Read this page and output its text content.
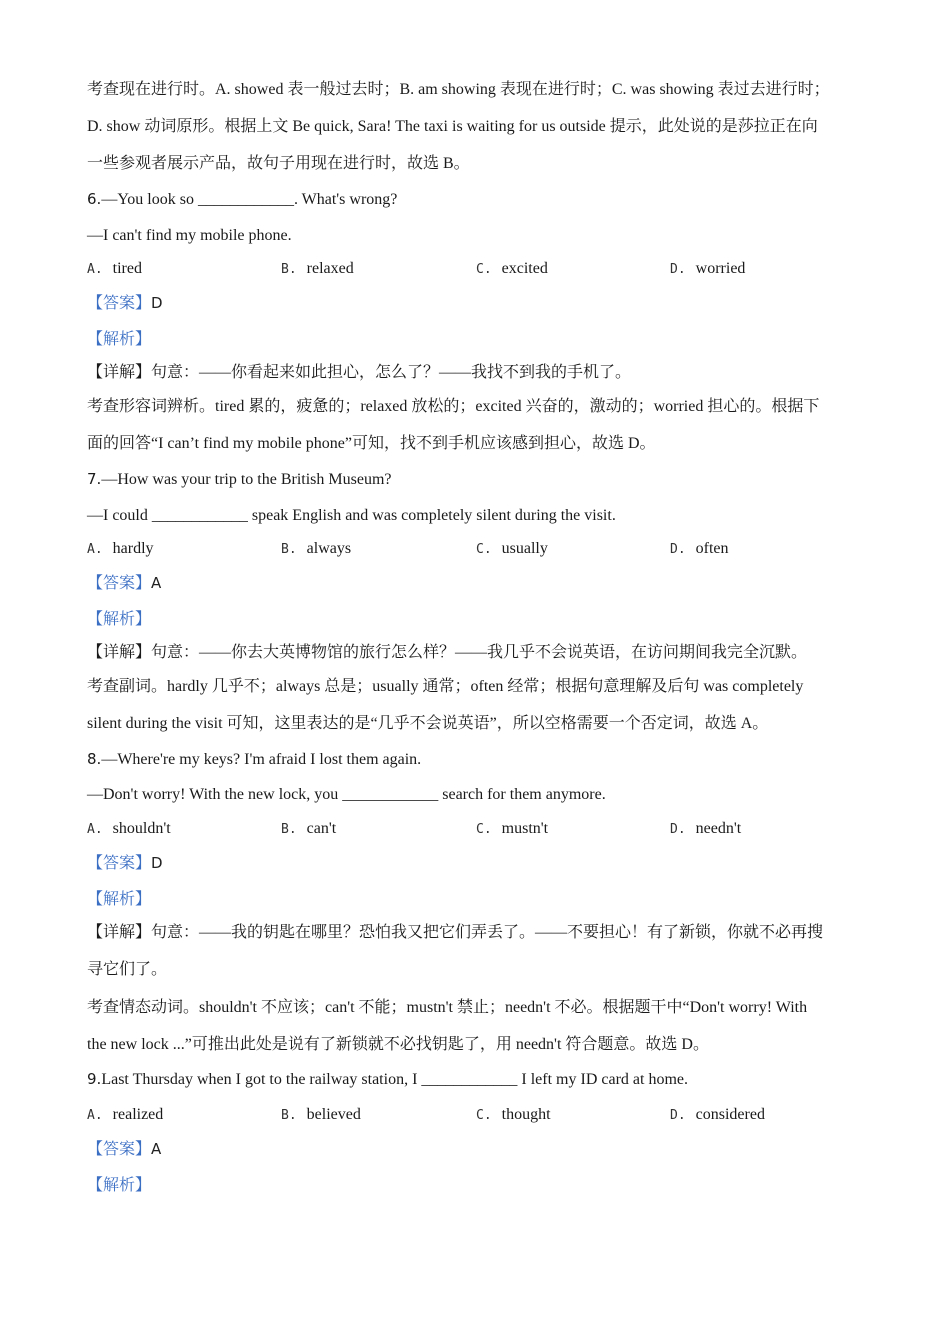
考查现在进行时。A. showed 表一般过去时；B. am showing 表现在进行时；C. was showing 表过去进行时；
D. show 动词原形。根据上文 Be quick, Sara! The taxi is waiting for us outside 提示，此处说的是莎拉正在向
一些参观者展示产品，故句子用现在进行时，故选 B。
6.—You look so ____________. What's wrong?
—I can't find my mobile phone.
A. tired	B. relaxed	C. excited	D. worried
【答案】D
【解析】
【详解】句意：——你看起来如此担心，怎么了？——我找不到我的手机了。
考查形容词辨析。tired 累的，疲惫的；relaxed 放松的；excited 兴奋的，激动的；worried 担心的。根据下
面的回答“I can’t find my mobile phone”可知，找不到手机应该感到担心，故选 D。
7.—How was your trip to the British Museum?
—I could ____________ speak English and was completely silent during the visit.
A. hardly	B. always	C. usually	D. often
【答案】A
【解析】
【详解】句意：——你去大英博物馆的旅行怎么样？——我几乎不会说英语，在访问期间我完全沉默。
考查副词。hardly 几乎不；always 总是；usually 通常；often 经常；根据句意理解及后句 was completely
silent during the visit 可知，这里表达的是“几乎不会说英语”，所以空格需要一个否定词，故选 A。
8.—Where're my keys? I'm afraid I lost them again.
—Don't worry! With the new lock, you ____________ search for them anymore.
A. shouldn't	B. can't	C. mustn't	D. needn't
【答案】D
【解析】
【详解】句意：——我的钥匙在哪里？恐怕我又把它们弄丢了。——不要担心！有了新锁，你就不必再搜
寻它们了。
考查情态动词。shouldn't 不应该；can't 不能；mustn't 禁止；needn't 不必。根据题干中“Don't worry! With
the new lock ...”可推出此处是说有了新锁就不必找钥匙了，用 needn't 符合题意。故选 D。
9.Last Thursday when I got to the railway station, I ____________ I left my ID card at home.
A. realized	B. believed	C. thought	D. considered
【答案】A
【解析】
